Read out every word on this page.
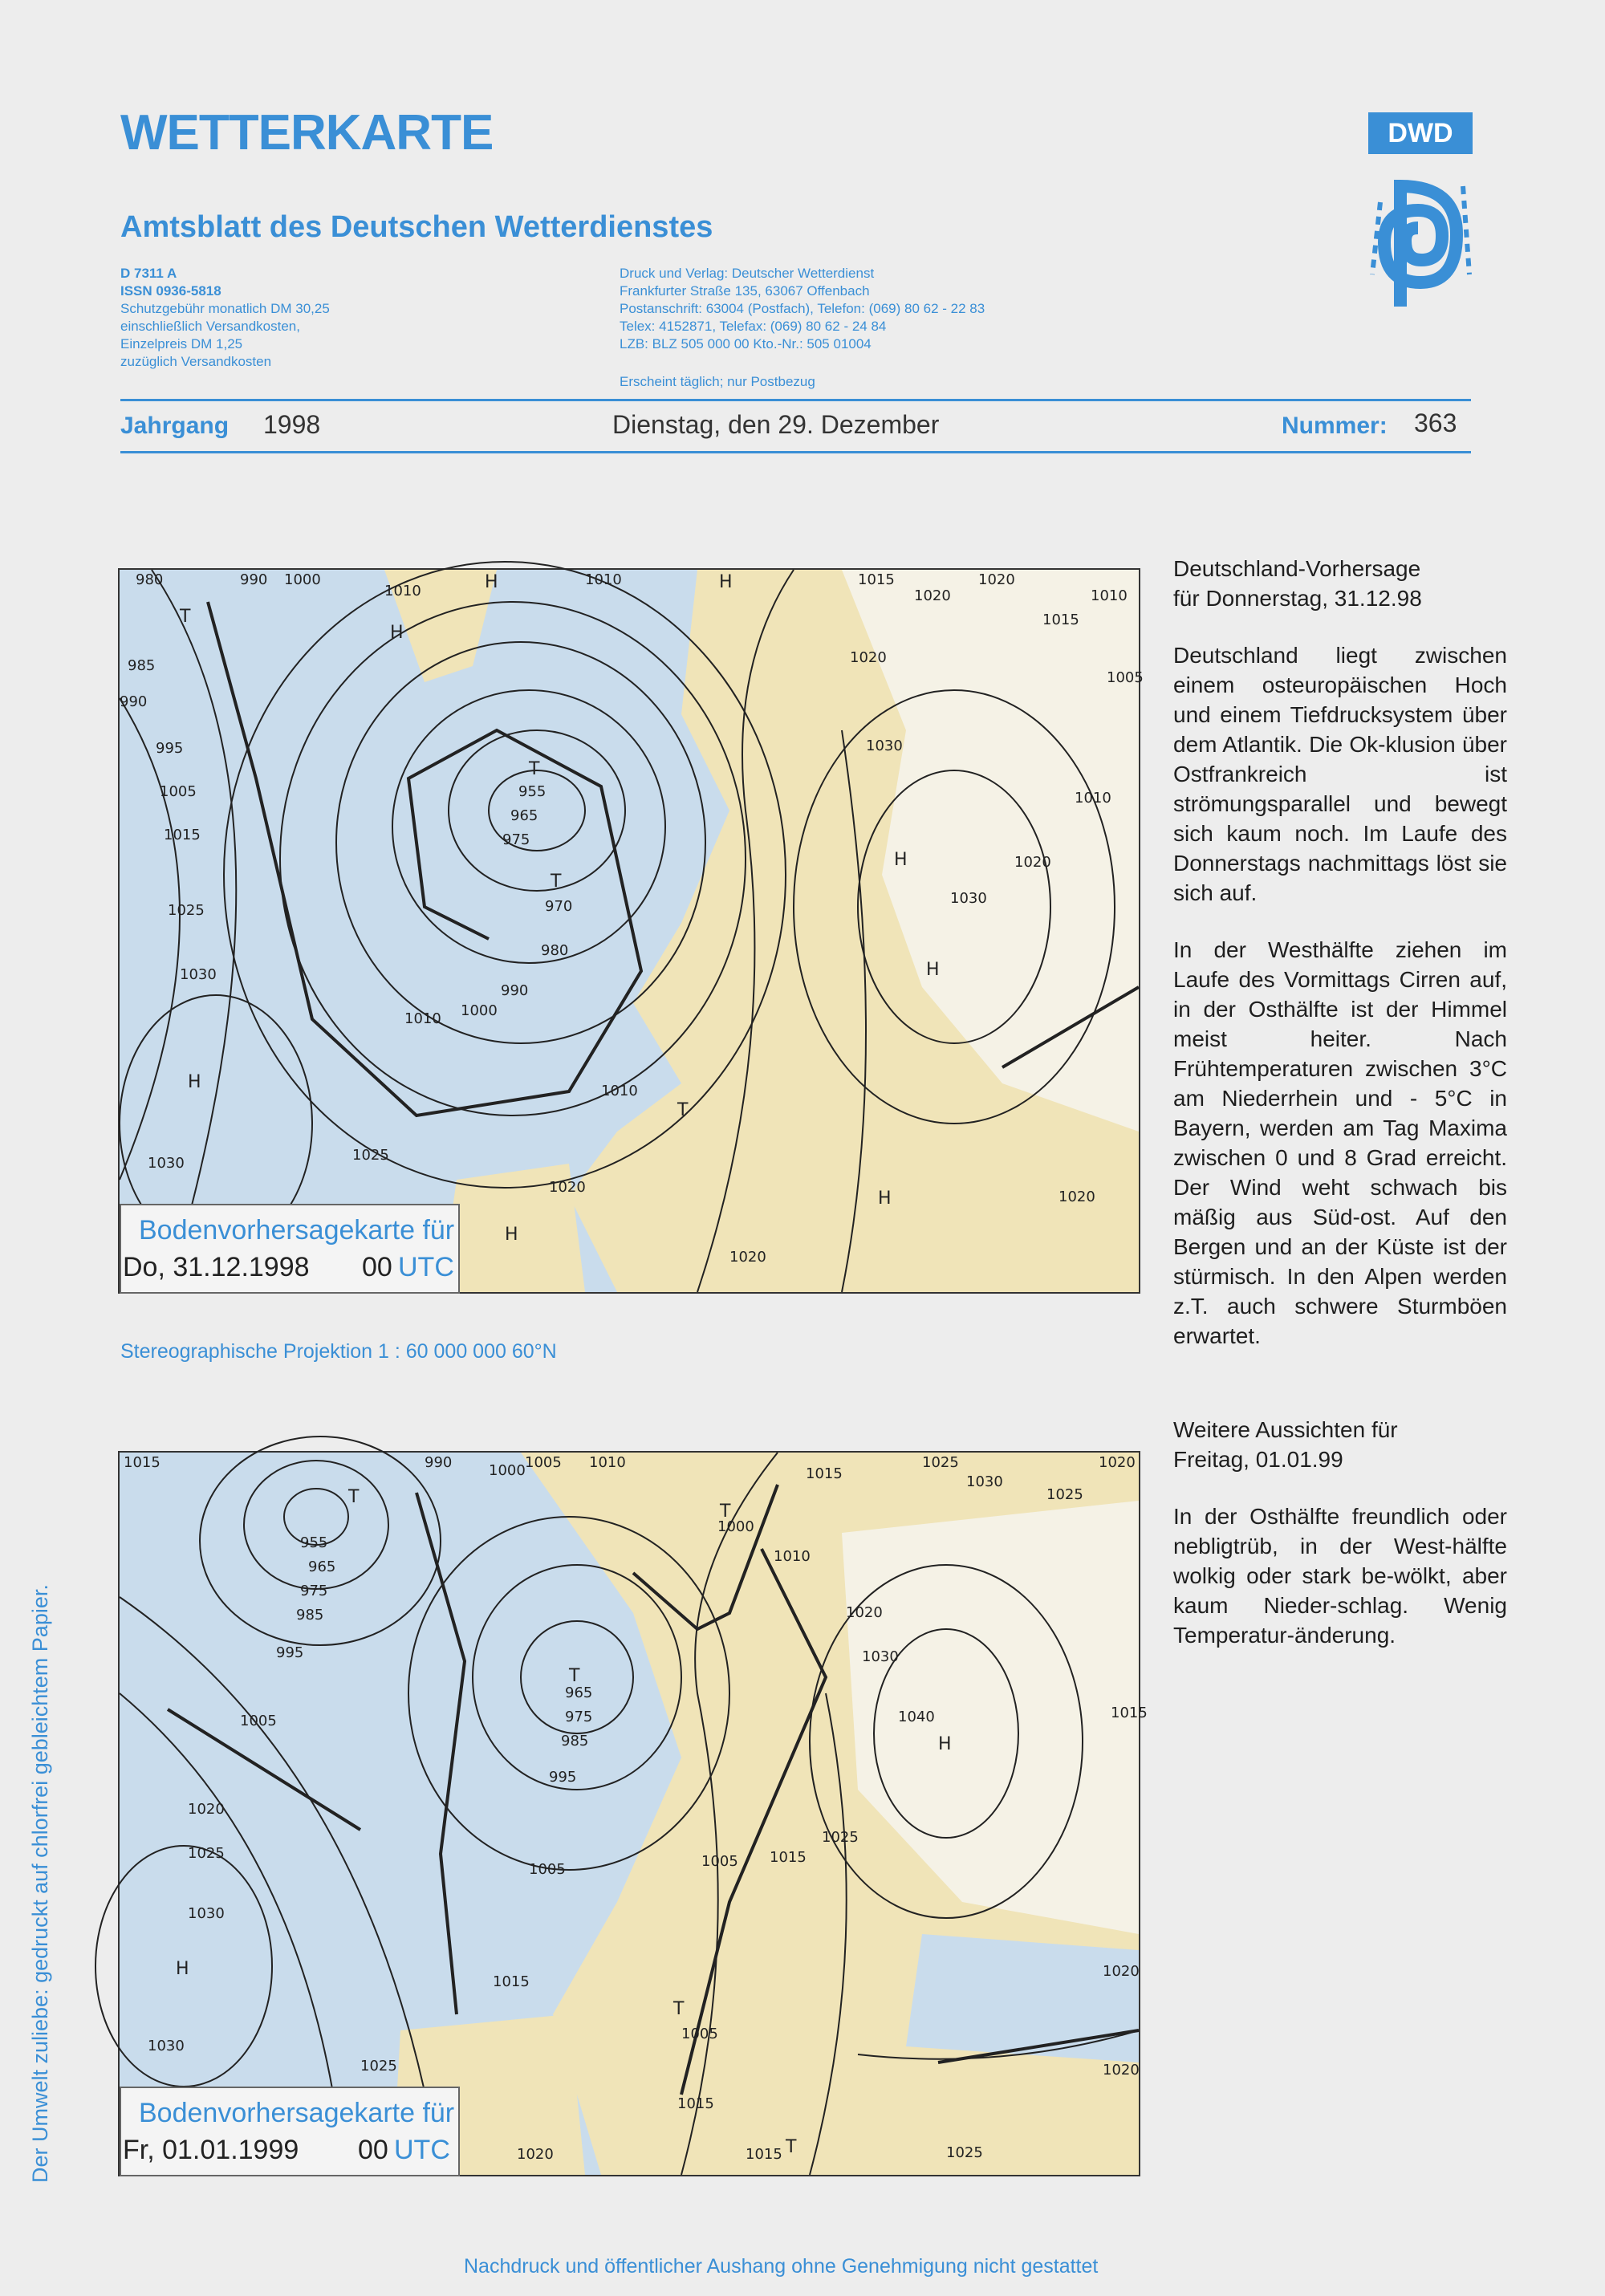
WETTERKARTE
Amtsblatt des Deutschen Wetterdienstes
D 7311 A
ISSN 0936-5818
Schutzgebühr monatlich DM 30,25
einschließlich Versandkosten,
Einzelpreis DM 1,25
zuzüglich Versandkosten
Druck und Verlag: Deutscher Wetterdienst
Frankfurter Straße 135, 63067 Offenbach
Postanschrift: 63004 (Postfach), Telefon: (069) 80 62 - 22 83
Telex: 4152871, Telefax: (069) 80 62 - 24 84
LZB: BLZ 505 000 00 Kto.-Nr.: 505 01004
Erscheint täglich; nur Postbezug
DWD
Jahrgang 1998	Dienstag, den 29. Dezember	Nummer: 363
980	990 1000
1010
1010	1015
1020
1020
1010
1015
1005
985
990
995
1005
1015
1025
1030
955
965
975
970
980
990
1000
1010
1010
1025
1020
1020
1030
1030
1020
1010
1020
1030
1020
H	H
H
H
H
H
H
H
T
T
T
T
Bodenvorhersagekarte für
Do, 31.12.1998 00 UTC
Stereographische Projektion 1 : 60 000 000 60°N
1015	990	1000 1005 1010
1015
1025
1030
1025
1020
1000
1010
955
965
975
985
995
1005
965
975
985
995
1020
1030
1020
1025
1040	1015
1030
1030
1005	1005 1015
1025
1015
1005
1015
1025
1020
1020
1020
1015	1025
H
H
T
T
T
T
T
Bodenvorhersagekarte für
Fr, 01.01.1999 00 UTC

Deutschland-Vorhersage
für Donnerstag, 31.12.98

Deutschland liegt zwischen einem osteuropäischen Hoch und einem Tiefdrucksystem über dem Atlantik. Die Ok-klusion über Ostfrankreich ist strömungsparallel und bewegt sich kaum noch. Im Laufe des Donnerstags nachmittags löst sie sich auf.

In der Westhälfte ziehen im Laufe des Vormittags Cirren auf, in der Osthälfte ist der Himmel meist heiter. Nach Frühtemperaturen zwischen 3°C am Niederrhein und - 5°C in Bayern, werden am Tag Maxima zwischen 0 und 8 Grad erreicht. Der Wind weht schwach bis mäßig aus Süd-ost. Auf den Bergen und an der Küste ist der stürmisch. In den Alpen werden z.T. auch schwere Sturmböen erwartet.

Weitere Aussichten für
Freitag, 01.01.99

In der Osthälfte freundlich oder nebligtrüb, in der West-hälfte wolkig oder stark be-wölkt, aber kaum Nieder-schlag. Wenig Temperatur-änderung.

Der Umwelt zuliebe: gedruckt auf chlorfrei gebleichtem Papier.
Nachdruck und öffentlicher Aushang ohne Genehmigung nicht gestattet
